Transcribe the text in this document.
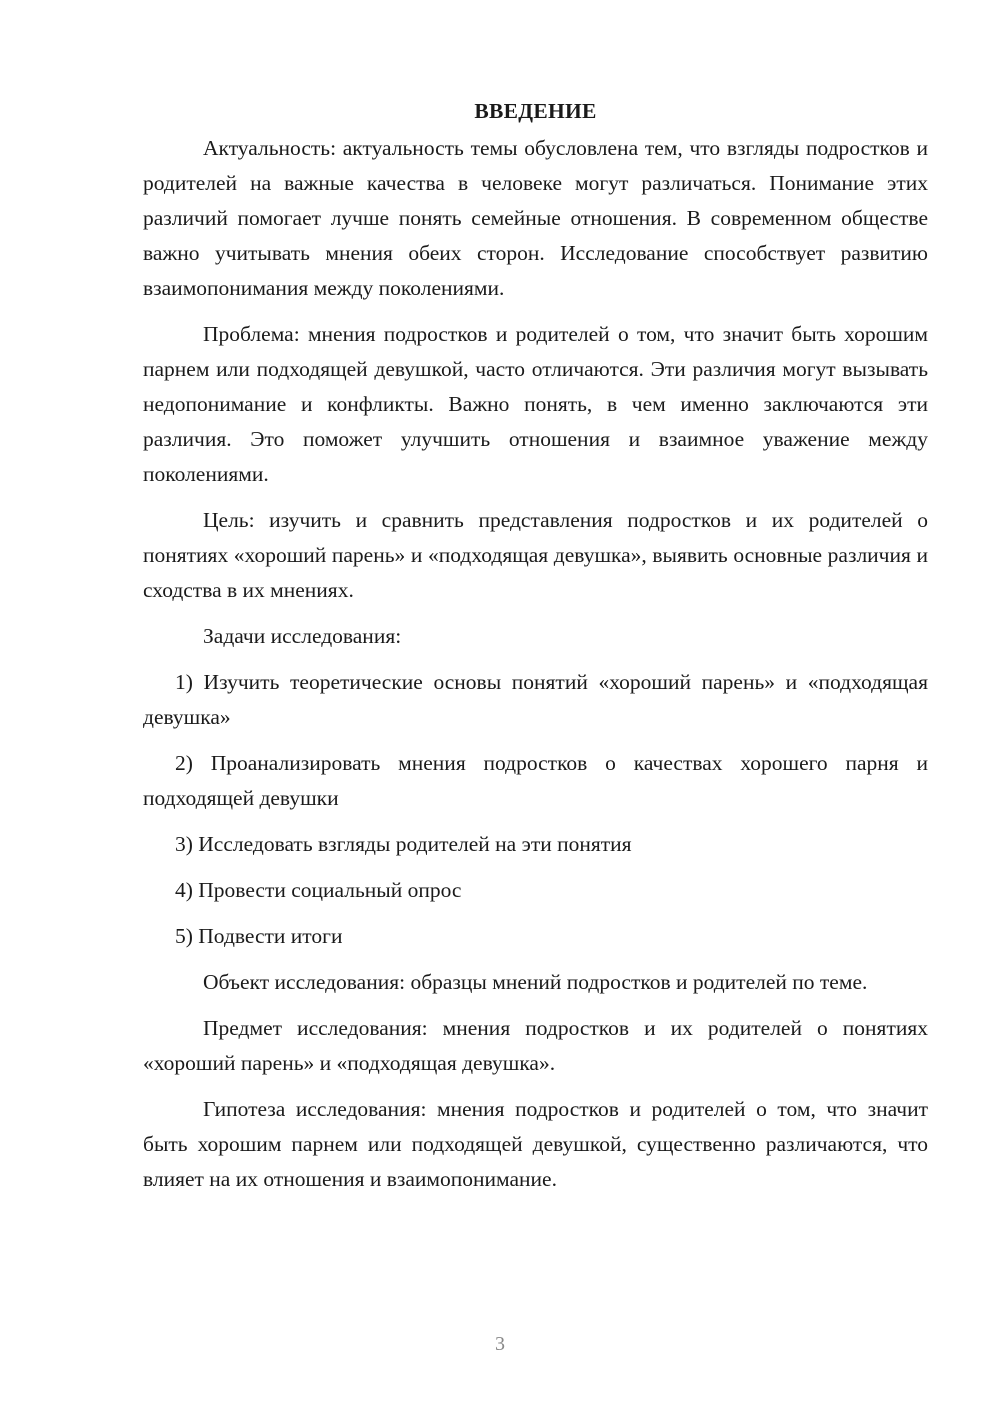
ВВЕДЕНИЕ

Актуальность: актуальность темы обусловлена тем, что взгляды подростков и родителей на важные качества в человеке могут различаться. Понимание этих различий помогает лучше понять семейные отношения. В современном обществе важно учитывать мнения обеих сторон. Исследование способствует развитию взаимопонимания между поколениями.

Проблема: мнения подростков и родителей о том, что значит быть хорошим парнем или подходящей девушкой, часто отличаются. Эти различия могут вызывать недопонимание и конфликты. Важно понять, в чем именно заключаются эти различия. Это поможет улучшить отношения и взаимное уважение между поколениями.

Цель: изучить и сравнить представления подростков и их родителей о понятиях «хороший парень» и «подходящая девушка», выявить основные различия и сходства в их мнениях.

Задачи исследования:

1) Изучить теоретические основы понятий «хороший парень» и «подходящая девушка»

2) Проанализировать мнения подростков о качествах хорошего парня и подходящей девушки

3) Исследовать взгляды родителей на эти понятия

4) Провести социальный опрос

5) Подвести итоги

Объект исследования: образцы мнений подростков и родителей по теме.

Предмет исследования: мнения подростков и их родителей о понятиях «хороший парень» и «подходящая девушка».

Гипотеза исследования: мнения подростков и родителей о том, что значит быть хорошим парнем или подходящей девушкой, существенно различаются, что влияет на их отношения и взаимопонимание.

3
